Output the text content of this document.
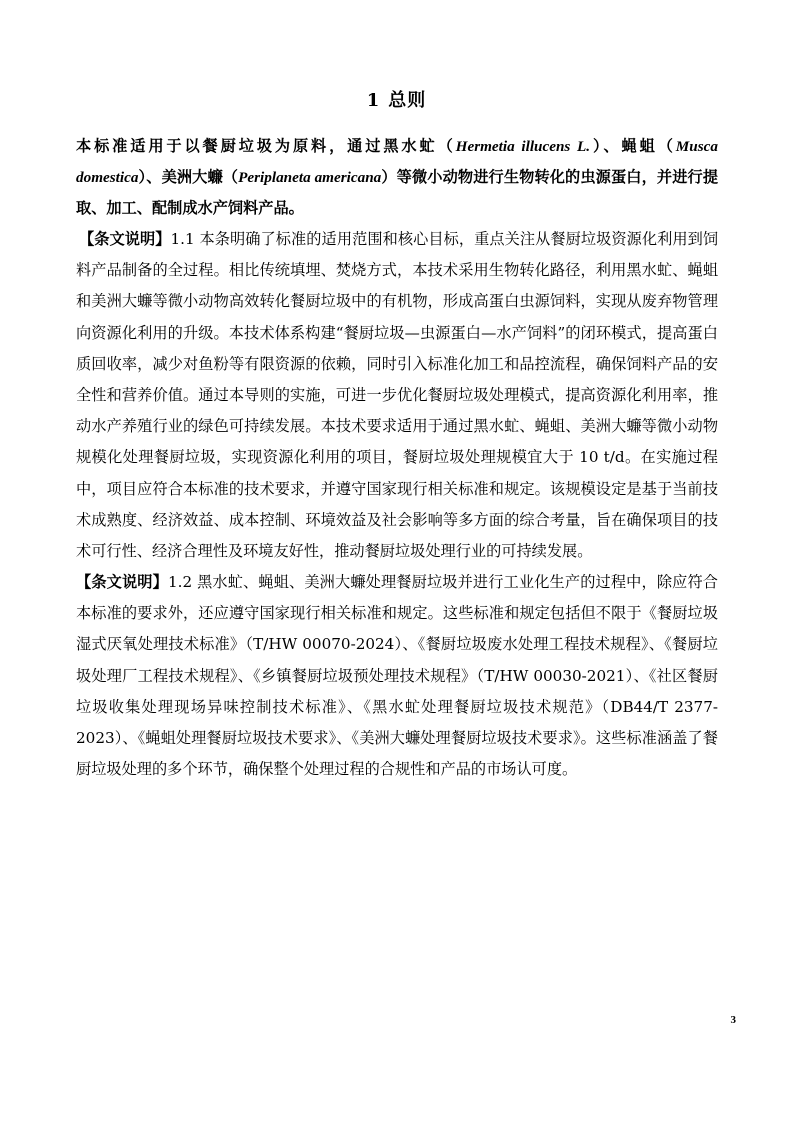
1 总则
本标准适用于以餐厨垃圾为原料，通过黑水虻（Hermetia illucens L.）、蝇蛆（Musca domestica）、美洲大蠊（Periplaneta americana）等微小动物进行生物转化的虫源蛋白，并进行提取、加工、配制成水产饲料产品。
【条文说明】1.1 本条明确了标准的适用范围和核心目标，重点关注从餐厨垃圾资源化利用到饲料产品制备的全过程。相比传统填埋、焚烧方式，本技术采用生物转化路径，利用黑水虻、蝇蛆和美洲大蠊等微小动物高效转化餐厨垃圾中的有机物，形成高蛋白虫源饲料，实现从废弃物管理向资源化利用的升级。本技术体系构建“餐厨垃圾—虫源蛋白—水产饲料”的闭环模式，提高蛋白质回收率，减少对鱼粉等有限资源的依赖，同时引入标准化加工和品控流程，确保饲料产品的安全性和营养价值。通过本导则的实施，可进一步优化餐厨垃圾处理模式，提高资源化利用率，推动水产养殖行业的绿色可持续发展。本技术要求适用于通过黑水虻、蝇蛆、美洲大蠊等微小动物规模化处理餐厨垃圾，实现资源化利用的项目，餐厨垃圾处理规模宜大于 10 t/d。在实施过程中，项目应符合本标准的技术要求，并遵守国家现行相关标准和规定。该规模设定是基于当前技术成熟度、经济效益、成本控制、环境效益及社会影响等多方面的综合考量，旨在确保项目的技术可行性、经济合理性及环境友好性，推动餐厨垃圾处理行业的可持续发展。
【条文说明】1.2 黑水虻、蝇蛆、美洲大蠊处理餐厨垃圾并进行工业化生产的过程中，除应符合本标准的要求外，还应遵守国家现行相关标准和规定。这些标准和规定包括但不限于《餐厨垃圾湿式厌氧处理技术标准》（T/HW 00070-2024）、《餐厨垃圾废水处理工程技术规程》、《餐厨垃圾处理厂工程技术规程》、《乡镇餐厨垃圾预处理技术规程》（T/HW 00030-2021）、《社区餐厨垃圾收集处理现场异味控制技术标准》、《黑水虻处理餐厨垃圾技术规范》（DB44/T 2377-2023）、《蝇蛆处理餐厨垃圾技术要求》、《美洲大蠊处理餐厨垃圾技术要求》。这些标准涵盖了餐厨垃圾处理的多个环节，确保整个处理过程的合规性和产品的市场认可度。
3
